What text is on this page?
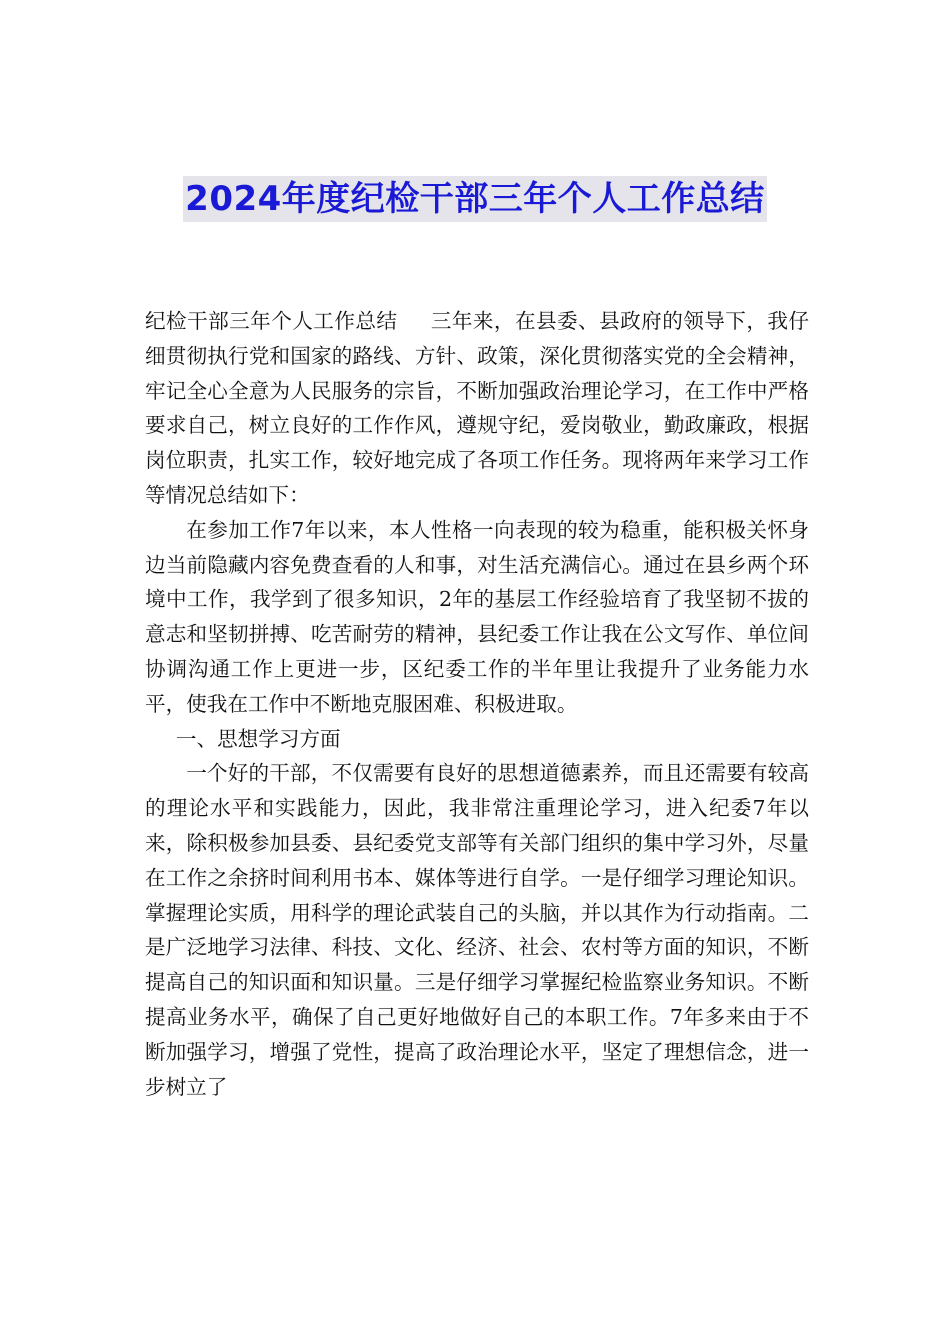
2024年度纪检干部三年个人工作总结

纪检干部三年个人工作总结 三年来，在县委、县政府的领导下，我仔细贯彻执行党和国家的路线、方针、政策，深化贯彻落实党的全会精神，牢记全心全意为人民服务的宗旨，不断加强政治理论学习，在工作中严格要求自己，树立良好的工作作风，遵规守纪，爱岗敬业，勤政廉政，根据岗位职责，扎实工作，较好地完成了各项工作任务。现将两年来学习工作等情况总结如下：

在参加工作7年以来，本人性格一向表现的较为稳重，能积极关怀身边当前隐藏内容免费查看的人和事，对生活充满信心。通过在县乡两个环境中工作，我学到了很多知识，2年的基层工作经验培育了我坚韧不拔的意志和坚韧拼搏、吃苦耐劳的精神，县纪委工作让我在公文写作、单位间协调沟通工作上更进一步，区纪委工作的半年里让我提升了业务能力水平，使我在工作中不断地克服困难、积极进取。

一、思想学习方面

一个好的干部，不仅需要有良好的思想道德素养，而且还需要有较高的理论水平和实践能力，因此，我非常注重理论学习，进入纪委7年以来，除积极参加县委、县纪委党支部等有关部门组织的集中学习外，尽量在工作之余挤时间利用书本、媒体等进行自学。一是仔细学习理论知识。掌握理论实质，用科学的理论武装自己的头脑，并以其作为行动指南。二是广泛地学习法律、科技、文化、经济、社会、农村等方面的知识，不断提高自己的知识面和知识量。三是仔细学习掌握纪检监察业务知识。不断提高业务水平，确保了自己更好地做好自己的本职工作。7年多来由于不断加强学习，增强了党性，提高了政治理论水平，坚定了理想信念，进一步树立了
